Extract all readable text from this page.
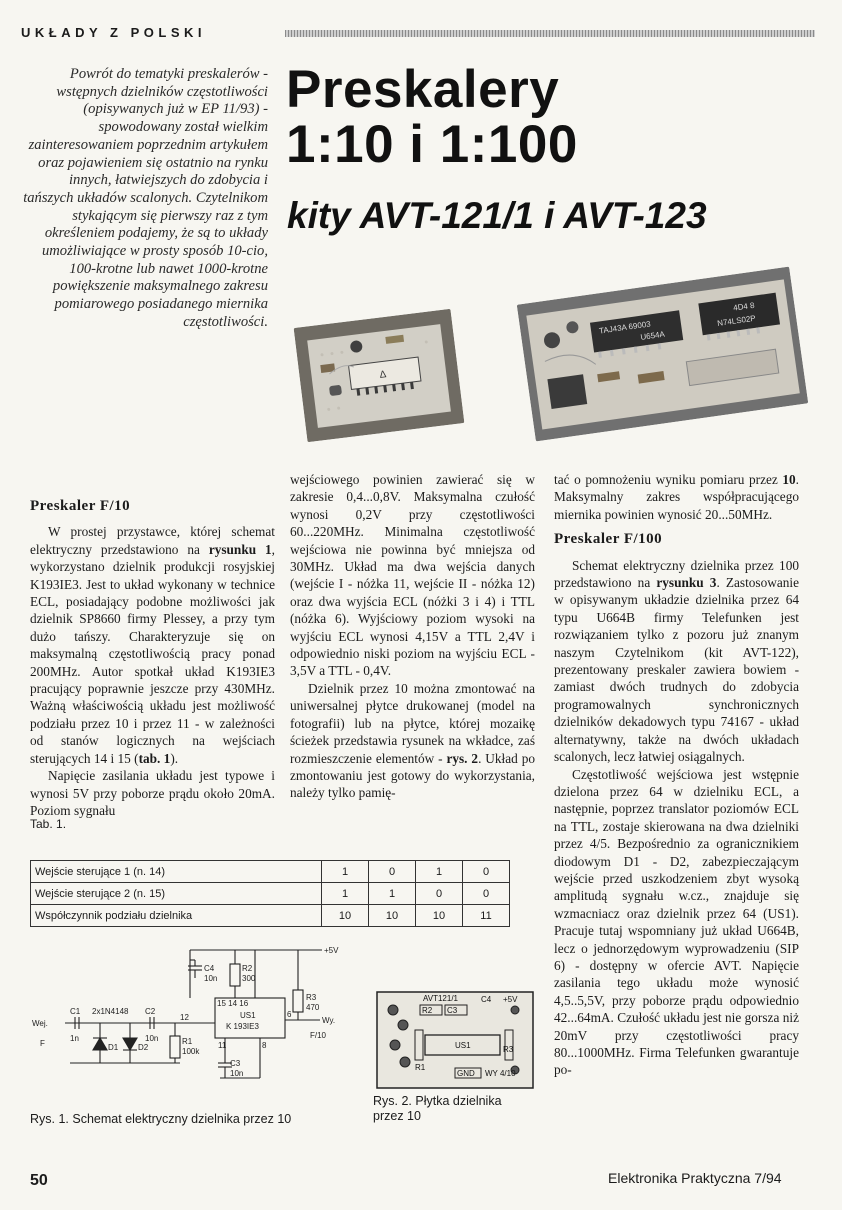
UKŁADY Z POLSKI
Powrót do tematyki preskalerów - wstępnych dzielników częstotliwości (opisywanych już w EP 11/93) - spowodowany został wielkim zainteresowaniem poprzednim artykułem oraz pojawieniem się ostatnio na rynku innych, łatwiejszych do zdobycia i tańszych układów scalonych. Czytelnikom stykającym się pierwszy raz z tym określeniem podajemy, że są to układy umożliwiające w prosty sposób 10-cio, 100-krotne lub nawet 1000-krotne powiększenie maksymalnego zakresu pomiarowego posiadanego miernika częstotliwości.
Preskalery
1:10 i 1:100
kity AVT-121/1 i AVT-123
∆
TAJ43A 69003
U654A
4D4 8
N74LS02P
Preskaler F/10

W prostej przystawce, której schemat elektryczny przedstawiono na rysunku 1, wykorzystano dzielnik produkcji rosyjskiej K193IE3. Jest to układ wykonany w technice ECL, posiadający podobne możliwości jak dzielnik SP8660 firmy Plessey, a przy tym dużo tańszy. Charakteryzuje się on maksymalną częstotliwością pracy ponad 200MHz. Autor spotkał układ K193IE3 pracujący poprawnie jeszcze przy 430MHz. Ważną właściwością układu jest możliwość podziału przez 10 i przez 11 - w zależności od stanów logicznych na wejściach sterujących 14 i 15 (tab. 1).

Napięcie zasilania układu jest typowe i wynosi 5V przy poborze prądu około 20mA. Poziom sygnału

wejściowego powinien zawierać się w zakresie 0,4...0,8V. Maksymalna czułość wynosi 0,2V przy częstotliwości 60...220MHz. Minimalna częstotliwość wejściowa nie powinna być mniejsza od 30MHz. Układ ma dwa wejścia danych (wejście I - nóżka 11, wejście II - nóżka 12) oraz dwa wyjścia ECL (nóżki 3 i 4) i TTL (nóżka 6). Wyjściowy poziom wysoki na wyjściu ECL wynosi 4,15V a TTL 2,4V i odpowiednio niski poziom na wyjściu ECL - 3,5V a TTL - 0,4V.

Dzielnik przez 10 można zmontować na uniwersalnej płytce drukowanej (model na fotografii) lub na płytce, której mozaikę ścieżek przedstawia rysunek na wkładce, zaś rozmieszczenie elementów - rys. 2. Układ po zmontowaniu jest gotowy do wykorzystania, należy tylko pamię-

tać o pomnożeniu wyniku pomiaru przez 10. Maksymalny zakres współpracującego miernika powinien wynosić 20...50MHz.

Preskaler F/100

Schemat elektryczny dzielnika przez 100 przedstawiono na rysunku 3. Zastosowanie w opisywanym układzie dzielnika przez 64 typu U664B firmy Telefunken jest rozwiązaniem tylko z pozoru już znanym naszym Czytelnikom (kit AVT-122), prezentowany preskaler zawiera bowiem - zamiast dwóch trudnych do zdobycia programowalnych synchronicznych dzielników dekadowych typu 74167 - układ alternatywny, także na dwóch układach scalonych, lecz łatwiej osiągalnych.

Częstotliwość wejściowa jest wstępnie dzielona przez 64 w dzielniku ECL, a następnie, poprzez translator poziomów ECL na TTL, zostaje skierowana na dwa dzielniki przez 4/5. Bezpośrednio za ogranicznikiem diodowym D1 - D2, zabezpieczającym wejście przed uszkodzeniem zbyt wysoką amplitudą sygnału w.cz., znajduje się wzmacniacz oraz dzielnik przez 64 (US1). Pracuje tutaj wspomniany już układ U664B, lecz o jednorzędowym wyprowadzeniu (SIP 6) - dostępny w ofercie AVT. Napięcie zasilania tego układu może wynosić 4,5..5,5V, przy poborze prądu odpowiednio 42...64mA. Czułość układu jest nie gorsza niż 20mV przy częstotliwości pracy 80...1000MHz. Firma Telefunken gwarantuje po-

Tab. 1.
Wejście sterujące 1 (n. 14)	1	0	1	0
Wejście sterujące 2 (n. 15)	1	1	0	0
Współczynnik podziału dzielnika	10	10	10	11
+5V
C4
10n
R2
300
15 14 16
R3
470
Wej.
F
C1
1n
2x1N4148 C2
10n
12	US1
K 193IE3
6
Wy.
F/10
D1 D2
R1
100k
11	8
C3
10n
Rys. 1. Schemat elektryczny dzielnika przez 10
AVT121/1	C4 +5V
R2 C3
US1
R1
R3
GND WY 4/10
Rys. 2. Płytka dzielnika
przez 10
50	Elektronika Praktyczna 7/94
